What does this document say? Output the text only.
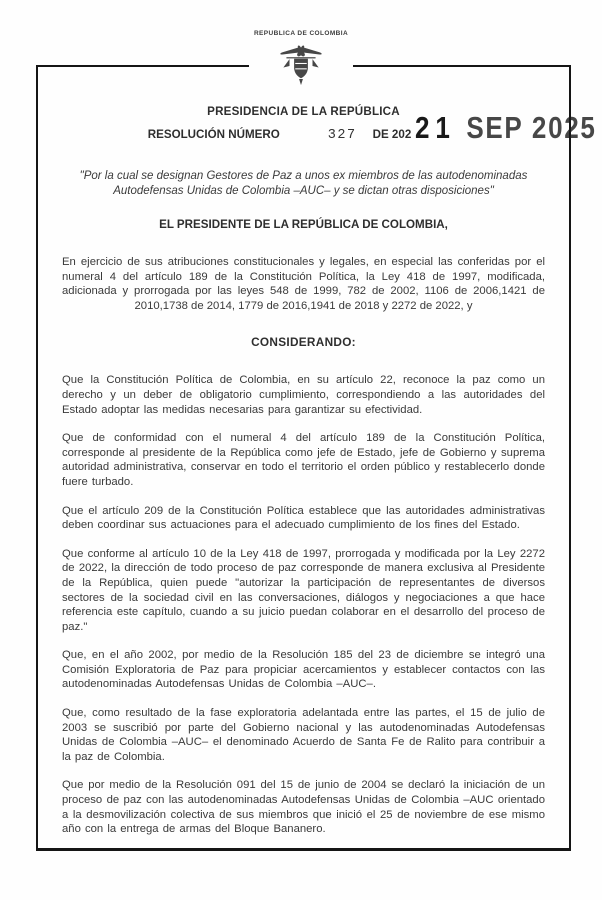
REPUBLICA DE COLOMBIA
PRESIDENCIA DE LA REPÚBLICA
RESOLUCIÓN NÚMERO	327 DE 202

"Por la cual se designan Gestores de Paz a unos ex miembros de las autodenominadas Autodefensas Unidas de Colombia –AUC– y se dictan otras disposiciones"

EL PRESIDENTE DE LA REPÚBLICA DE COLOMBIA,

En ejercicio de sus atribuciones constitucionales y legales, en especial las conferidas por el numeral 4 del artículo 189 de la Constitución Política, la Ley 418 de 1997, modificada, adicionada y prorrogada por las leyes 548 de 1999, 782 de 2002, 1106 de 2006,1421 de 2010,1738 de 2014, 1779 de 2016,1941 de 2018 y 2272 de 2022, y

CONSIDERANDO:

Que la Constitución Política de Colombia, en su artículo 22, reconoce la paz como un derecho y un deber de obligatorio cumplimiento, correspondiendo a las autoridades del Estado adoptar las medidas necesarias para garantizar su efectividad.

Que de conformidad con el numeral 4 del artículo 189 de la Constitución Política, corresponde al presidente de la República como jefe de Estado, jefe de Gobierno y suprema autoridad administrativa, conservar en todo el territorio el orden público y restablecerlo donde fuere turbado.

Que el artículo 209 de la Constitución Política establece que las autoridades administrativas deben coordinar sus actuaciones para el adecuado cumplimiento de los fines del Estado.

Que conforme al artículo 10 de la Ley 418 de 1997, prorrogada y modificada por la Ley 2272 de 2022, la dirección de todo proceso de paz corresponde de manera exclusiva al Presidente de la República, quien puede "autorizar la participación de representantes de diversos sectores de la sociedad civil en las conversaciones, diálogos y negociaciones a que hace referencia este capítulo, cuando a su juicio puedan colaborar en el desarrollo del proceso de paz."

Que, en el año 2002, por medio de la Resolución 185 del 23 de diciembre se integró una Comisión Exploratoria de Paz para propiciar acercamientos y establecer contactos con las autodenominadas Autodefensas Unidas de Colombia –AUC–.

Que, como resultado de la fase exploratoria adelantada entre las partes, el 15 de julio de 2003 se suscribió por parte del Gobierno nacional y las autodenominadas Autodefensas Unidas de Colombia –AUC– el denominado Acuerdo de Santa Fe de Ralito para contribuir a la paz de Colombia.

Que por medio de la Resolución 091 del 15 de junio de 2004 se declaró la iniciación de un proceso de paz con las autodenominadas Autodefensas Unidas de Colombia –AUC orientado a la desmovilización colectiva de sus miembros que inició el 25 de noviembre de ese mismo año con la entrega de armas del Bloque Bananero.

21 SEP 2025
